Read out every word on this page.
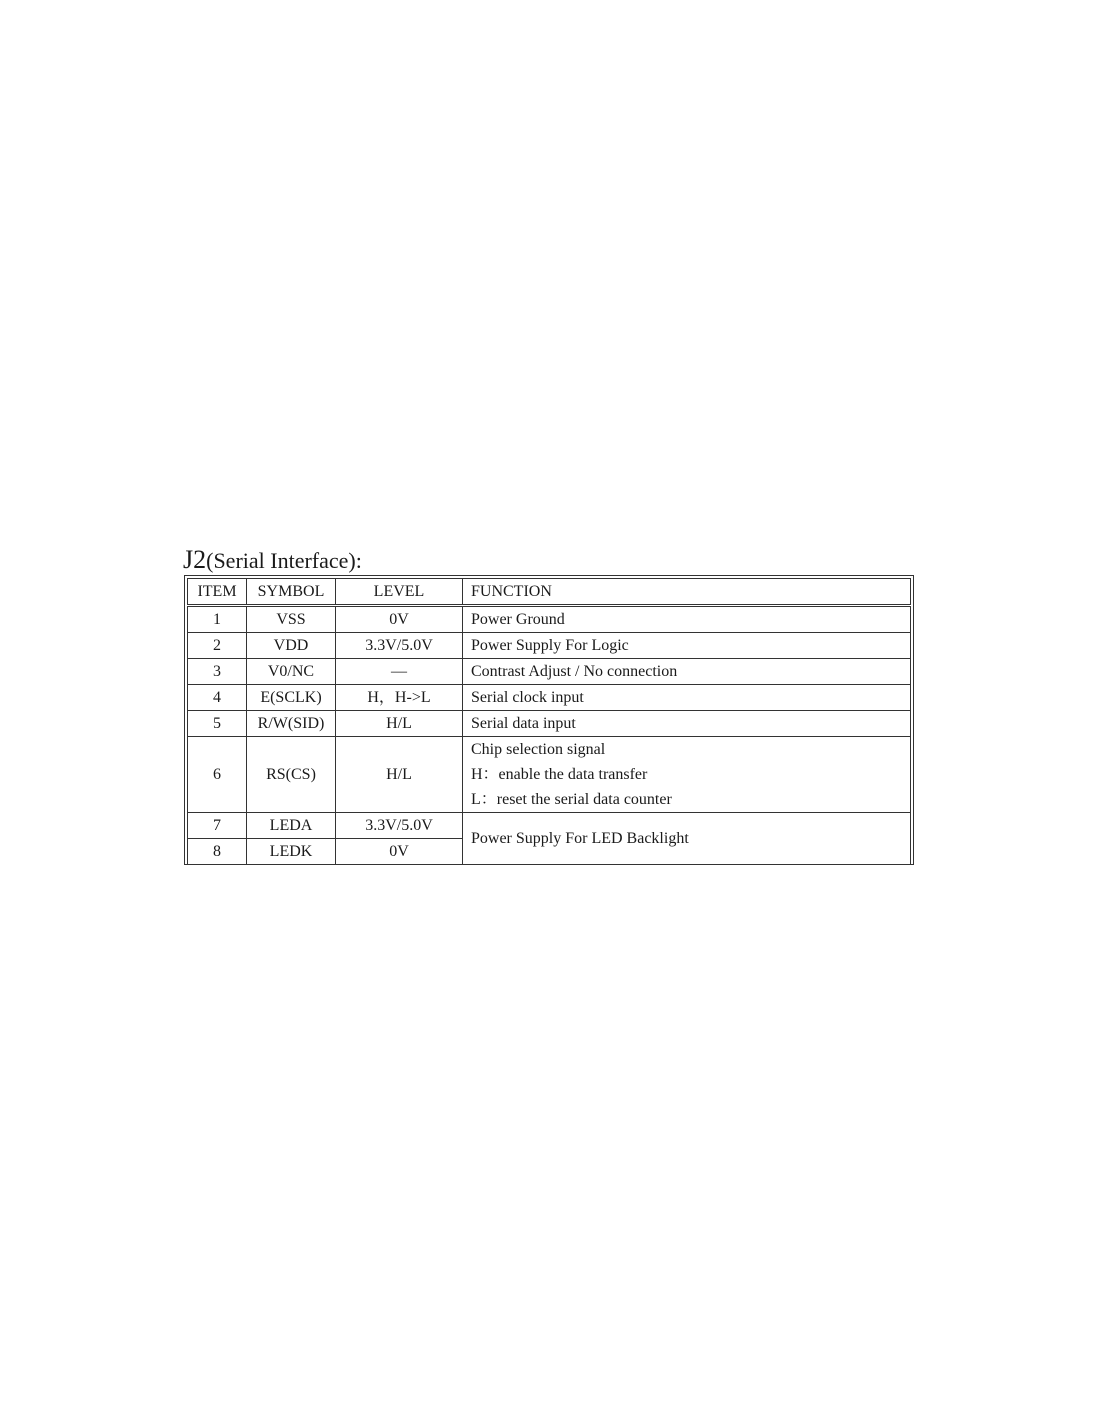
J2(Serial Interface):
ITEM	SYMBOL	LEVEL	FUNCTION
1	VSS	0V	Power Ground
2	VDD	3.3V/5.0V	Power Supply For Logic
3	V0/NC	—	Contrast Adjust / No connection
4	E(SCLK)	H，H->L	Serial clock input
5	R/W(SID)	H/L	Serial data input
6	RS(CS)	H/L	Chip selection signal
H：enable the data transfer
L：reset the serial data counter

7	LEDA	3.3V/5.0V	Power Supply For LED Backlight
8	LEDK	0V	
